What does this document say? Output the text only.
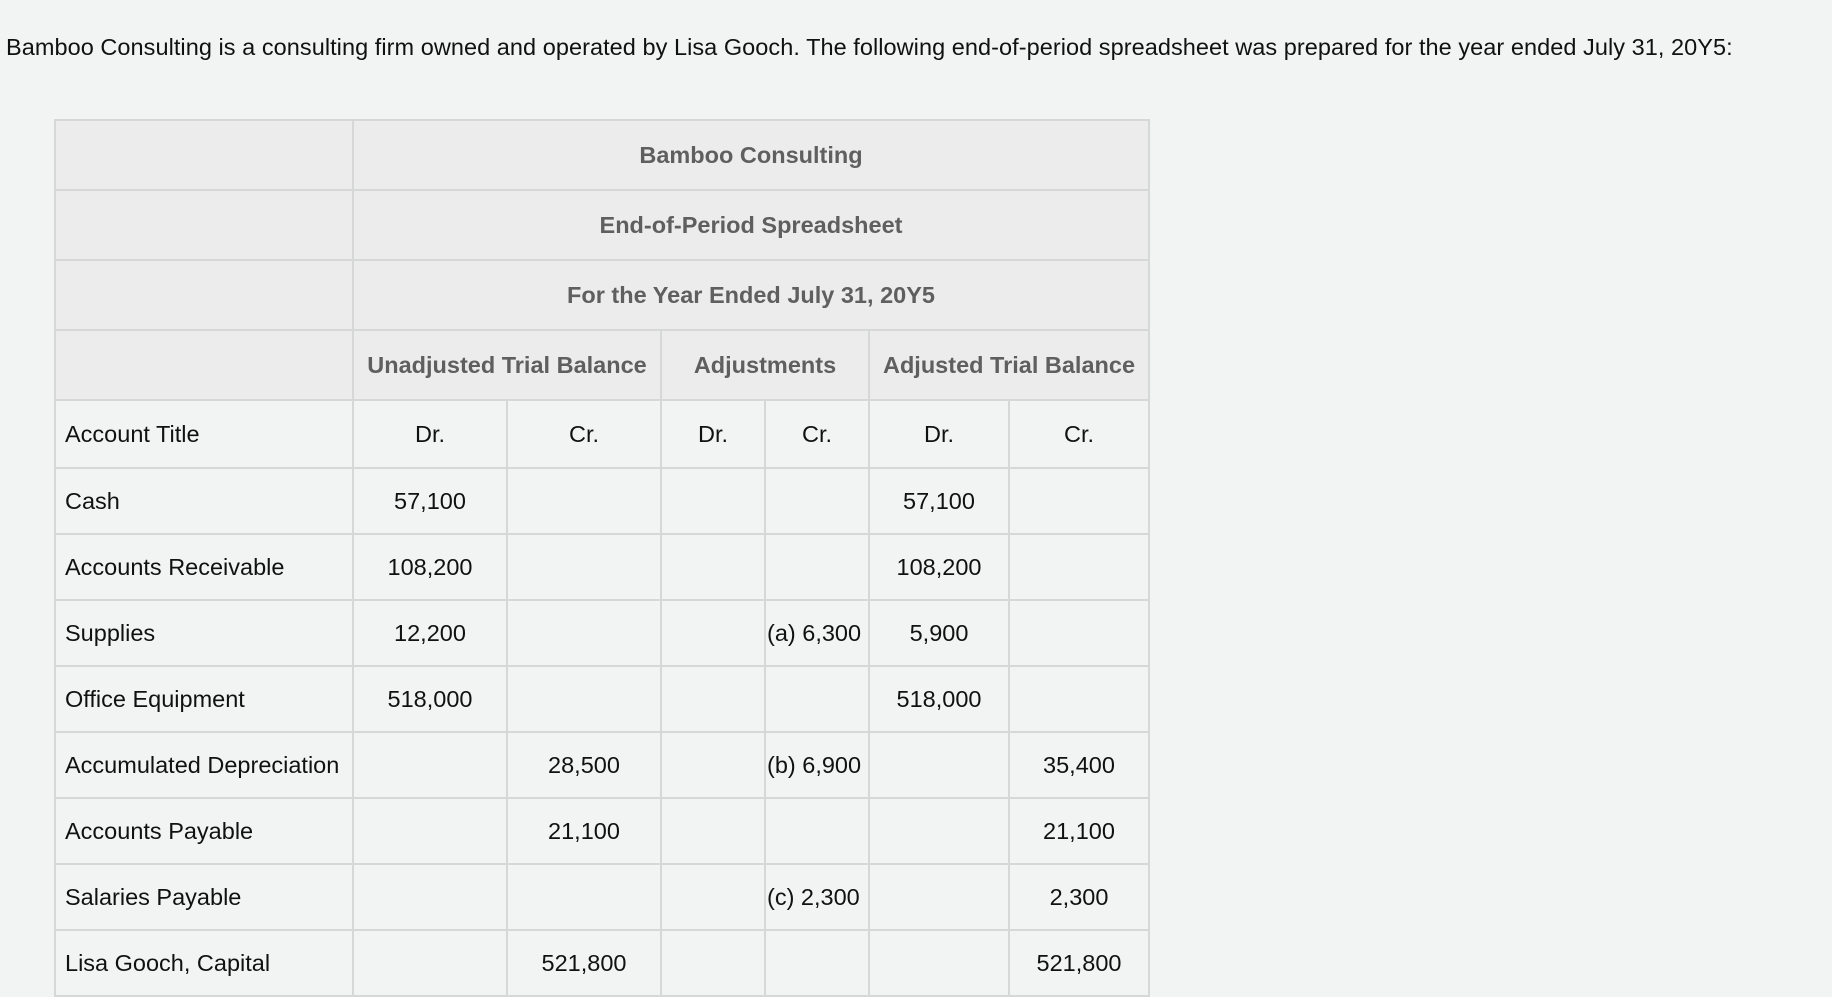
Bamboo Consulting is a consulting firm owned and operated by Lisa Gooch. The following end-of-period spreadsheet was prepared for the year ended July 31, 20Y5:
	Bamboo Consulting					
	End-of-Period Spreadsheet					
	For the Year Ended July 31, 20Y5					
	Unadjusted Trial Balance		Adjustments		Adjusted Trial Balance	
Account Title	Dr.	Cr.	Dr.	Cr.	Dr.	Cr.
Cash	57,100				57,100	
Accounts Receivable	108,200				108,200	
Supplies	12,200			(a) 6,300	5,900	
Office Equipment	518,000				518,000	
Accumulated Depreciation		28,500		(b) 6,900		35,400
Accounts Payable		21,100				21,100
Salaries Payable				(c) 2,300		2,300
Lisa Gooch, Capital		521,800				521,800
